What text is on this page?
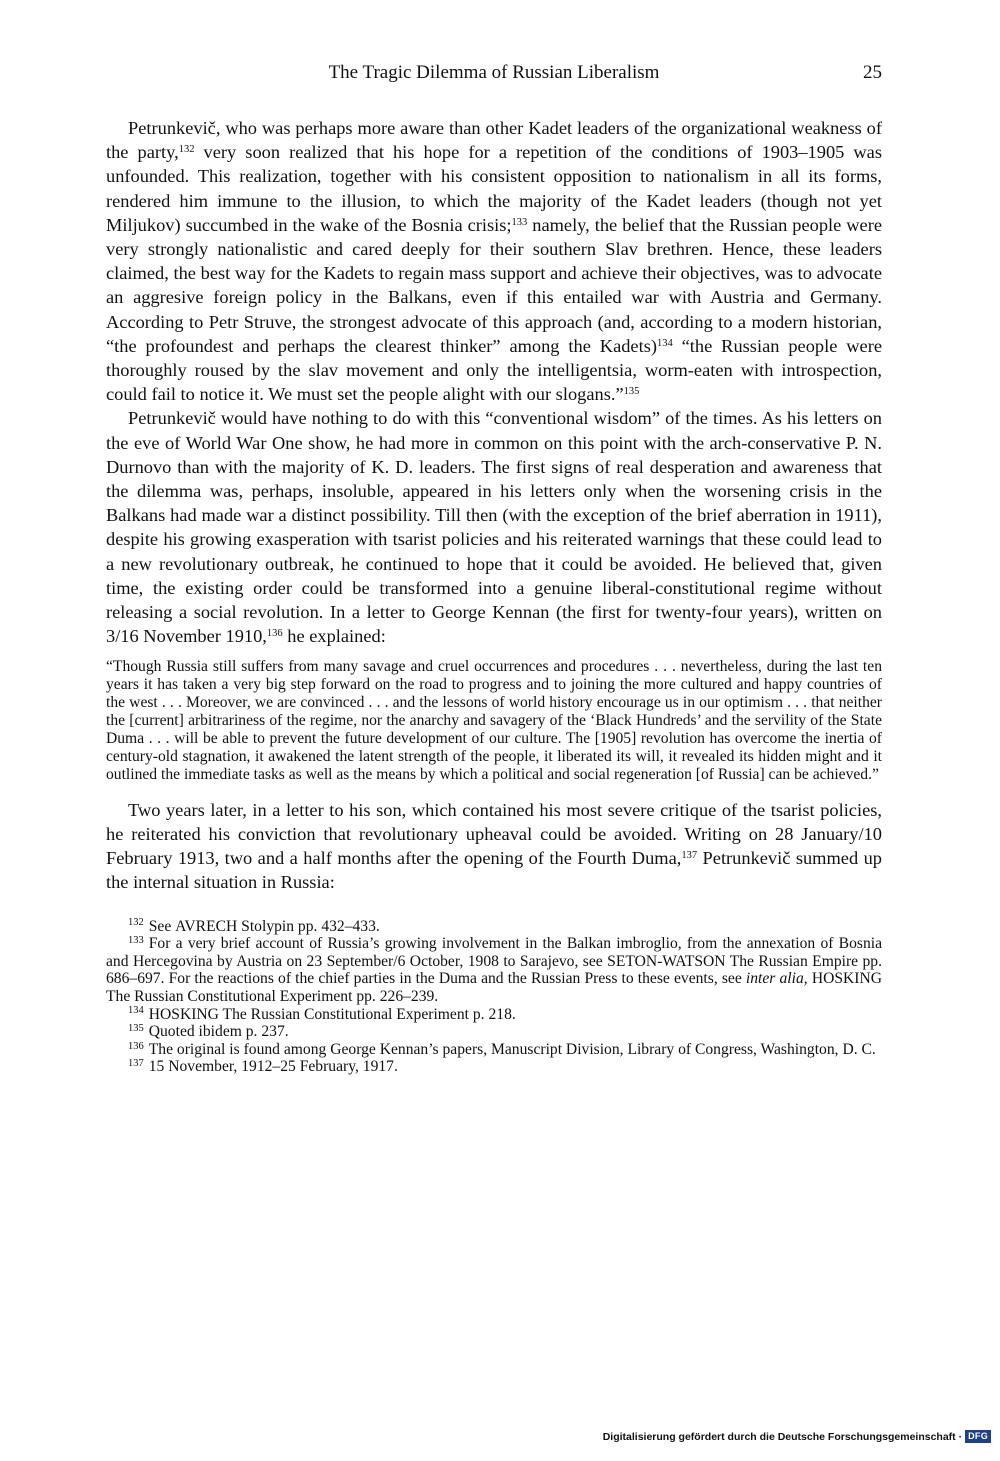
The Tragic Dilemma of Russian Liberalism	25

Petrunkevič, who was perhaps more aware than other Kadet leaders of the organizational weakness of the party,$^{132}$ very soon realized that his hope for a repetition of the conditions of 1903–1905 was unfounded. This realization, together with his consistent opposition to nationalism in all its forms, rendered him immune to the illusion, to which the majority of the Kadet leaders (though not yet Miljukov) succumbed in the wake of the Bosnia crisis;$^{133}$ namely, the belief that the Russian people were very strongly nationalistic and cared deeply for their southern Slav brethren. Hence, these leaders claimed, the best way for the Kadets to regain mass support and achieve their objectives, was to advocate an aggresive foreign policy in the Balkans, even if this entailed war with Austria and Germany. According to Petr Struve, the strongest advocate of this approach (and, according to a modern historian, “the profoundest and perhaps the clearest thinker” among the Kadets)$^{134}$ “the Russian people were thoroughly roused by the slav movement and only the intelligentsia, worm-eaten with introspection, could fail to notice it. We must set the people alight with our slogans.”$^{135}$

Petrunkevič would have nothing to do with this “conventional wisdom” of the times. As his letters on the eve of World War One show, he had more in common on this point with the arch-conservative P. N. Durnovo than with the majority of K. D. leaders. The first signs of real desperation and awareness that the dilemma was, perhaps, insoluble, appeared in his letters only when the worsening crisis in the Balkans had made war a distinct possibility. Till then (with the exception of the brief aberration in 1911), despite his growing exasperation with tsarist policies and his reiterated warnings that these could lead to a new revolutionary outbreak, he continued to hope that it could be avoided. He believed that, given time, the existing order could be transformed into a genuine liberal-constitutional regime without releasing a social revolution. In a letter to George Kennan (the first for twenty-four years), written on 3/16 November 1910,$^{136}$ he explained:

“Though Russia still suffers from many savage and cruel occurrences and procedures . . . nevertheless, during the last ten years it has taken a very big step forward on the road to progress and to joining the more cultured and happy countries of the west . . . Moreover, we are convinced . . . and the lessons of world history encourage us in our optimism . . . that neither the [current] arbitrariness of the regime, nor the anarchy and savagery of the ‘Black Hundreds’ and the servility of the State Duma . . . will be able to prevent the future development of our culture. The [1905] revolution has overcome the inertia of century-old stagnation, it awakened the latent strength of the people, it liberated its will, it revealed its hidden might and it outlined the immediate tasks as well as the means by which a political and social regeneration [of Russia] can be achieved.”

Two years later, in a letter to his son, which contained his most severe critique of the tsarist policies, he reiterated his conviction that revolutionary upheaval could be avoided. Writing on 28 January/10 February 1913, two and a half months after the opening of the Fourth Duma,$^{137}$ Petrunkevič summed up the internal situation in Russia:

$^{132}$ See AVRECH Stolypin pp. 432–433.

$^{133}$ For a very brief account of Russia’s growing involvement in the Balkan imbroglio, from the annexation of Bosnia and Hercegovina by Austria on 23 September/6 October, 1908 to Sarajevo, see SETON-WATSON The Russian Empire pp. 686–697. For the reactions of the chief parties in the Duma and the Russian Press to these events, see inter alia, HOSKING The Russian Constitutional Experiment pp. 226–239.

$^{134}$ HOSKING The Russian Constitutional Experiment p. 218.

$^{135}$ Quoted ibidem p. 237.

$^{136}$ The original is found among George Kennan’s papers, Manuscript Division, Library of Congress, Washington, D. C.

$^{137}$ 15 November, 1912–25 February, 1917.

Digitalisierung gefördert durch die Deutsche Forschungsgemeinschaft · DFG
